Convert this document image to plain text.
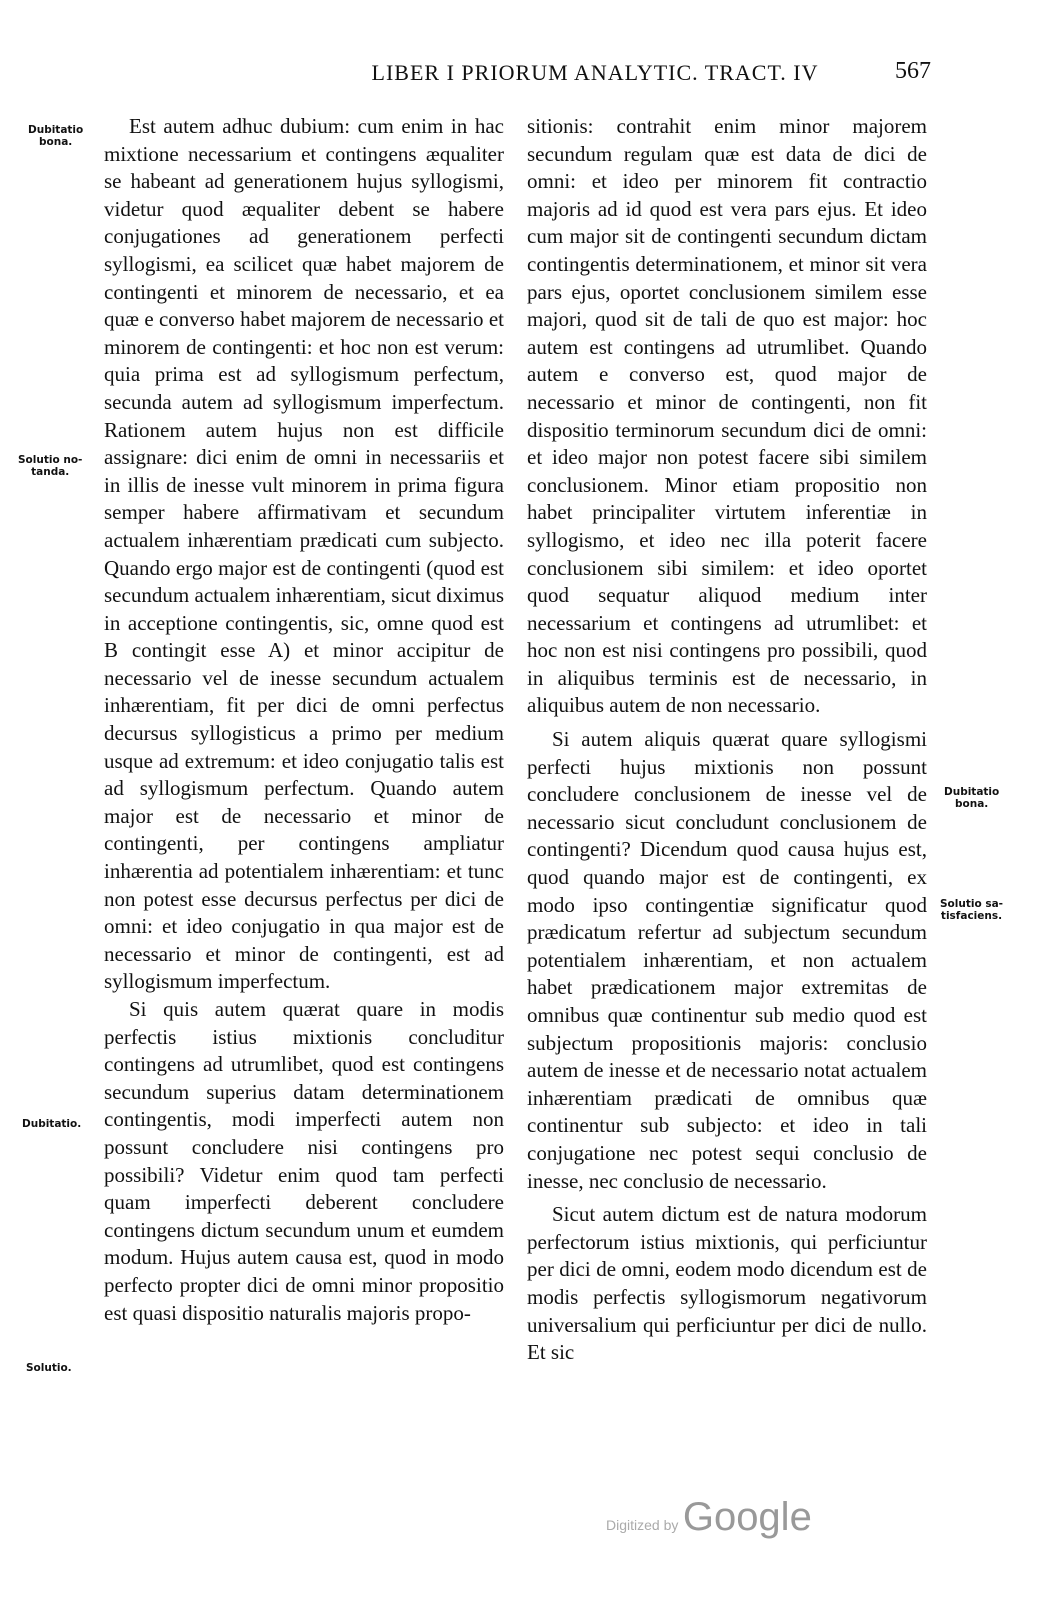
LIBER I PRIORUM ANALYTIC. TRACT. IV	567
Dubitatio
bona.
Solutio no-
tanda.
Dubitatio.
Solutio.
Dubitatio
bona.
Solutio sa-
tisfaciens.

Est autem adhuc dubium: cum enim in hac mixtione necessarium et contingens æqualiter se habeant ad generationem hujus syllogismi, videtur quod æqualiter debent se habere conjugationes ad generationem perfecti syllogismi, ea scilicet quæ habet majorem de contingenti et minorem de necessario, et ea quæ e converso habet majorem de necessario et minorem de contingenti: et hoc non est verum: quia prima est ad syllogismum perfectum, secunda autem ad syllogismum imperfectum. Rationem autem hujus non est difficile assignare: dici enim de omni in necessariis et in illis de inesse vult minorem in prima figura semper habere affirmativam et secundum actualem inhærentiam prædicati cum subjecto. Quando ergo major est de contingenti (quod est secundum actualem inhærentiam, sicut diximus in acceptione contingentis, sic, omne quod est B contingit esse A) et minor accipitur de necessario vel de inesse secundum actualem inhærentiam, fit per dici de omni perfectus decursus syllogisticus a primo per medium usque ad extremum: et ideo conjugatio talis est ad syllogismum perfectum. Quando autem major est de necessario et minor de contingenti, per contingens ampliatur inhærentia ad potentialem inhærentiam: et tunc non potest esse decursus perfectus per dici de omni: et ideo conjugatio in qua major est de necessario et minor de contingenti, est ad syllogismum imperfectum.

Si quis autem quærat quare in modis perfectis istius mixtionis concluditur contingens ad utrumlibet, quod est contingens secundum superius datam determinationem contingentis, modi imperfecti autem non possunt concludere nisi contingens pro possibili? Videtur enim quod tam perfecti quam imperfecti deberent concludere contingens dictum secundum unum et eumdem modum. Hujus autem causa est, quod in modo perfecto propter dici de omni minor propositio est quasi dispositio naturalis majoris propo-

sitionis: contrahit enim minor majorem secundum regulam quæ est data de dici de omni: et ideo per minorem fit contractio majoris ad id quod est vera pars ejus. Et ideo cum major sit de contingenti secundum dictam contingentis determinationem, et minor sit vera pars ejus, oportet conclusionem similem esse majori, quod sit de tali de quo est major: hoc autem est contingens ad utrumlibet. Quando autem e converso est, quod major de necessario et minor de contingenti, non fit dispositio terminorum secundum dici de omni: et ideo major non potest facere sibi similem conclusionem. Minor etiam propositio non habet principaliter virtutem inferentiæ in syllogismo, et ideo nec illa poterit facere conclusionem sibi similem: et ideo oportet quod sequatur aliquod medium inter necessarium et contingens ad utrumlibet: et hoc non est nisi contingens pro possibili, quod in aliquibus terminis est de necessario, in aliquibus autem de non necessario.

Si autem aliquis quærat quare syllogismi perfecti hujus mixtionis non possunt concludere conclusionem de inesse vel de necessario sicut concludunt conclusionem de contingenti? Dicendum quod causa hujus est, quod quando major est de contingenti, ex modo ipso contingentiæ significatur quod prædicatum refertur ad subjectum secundum potentialem inhærentiam, et non actualem habet prædicationem major extremitas de omnibus quæ continentur sub medio quod est subjectum propositionis majoris: conclusio autem de inesse et de necessario notat actualem inhærentiam prædicati de omnibus quæ continentur sub subjecto: et ideo in tali conjugatione nec potest sequi conclusio de inesse, nec conclusio de necessario.

Sicut autem dictum est de natura modorum perfectorum istius mixtionis, qui perficiuntur per dici de omni, eodem modo dicendum est de modis perfectis syllogismorum negativorum universalium qui perficiuntur per dici de nullo. Et sic

Digitized by Google
